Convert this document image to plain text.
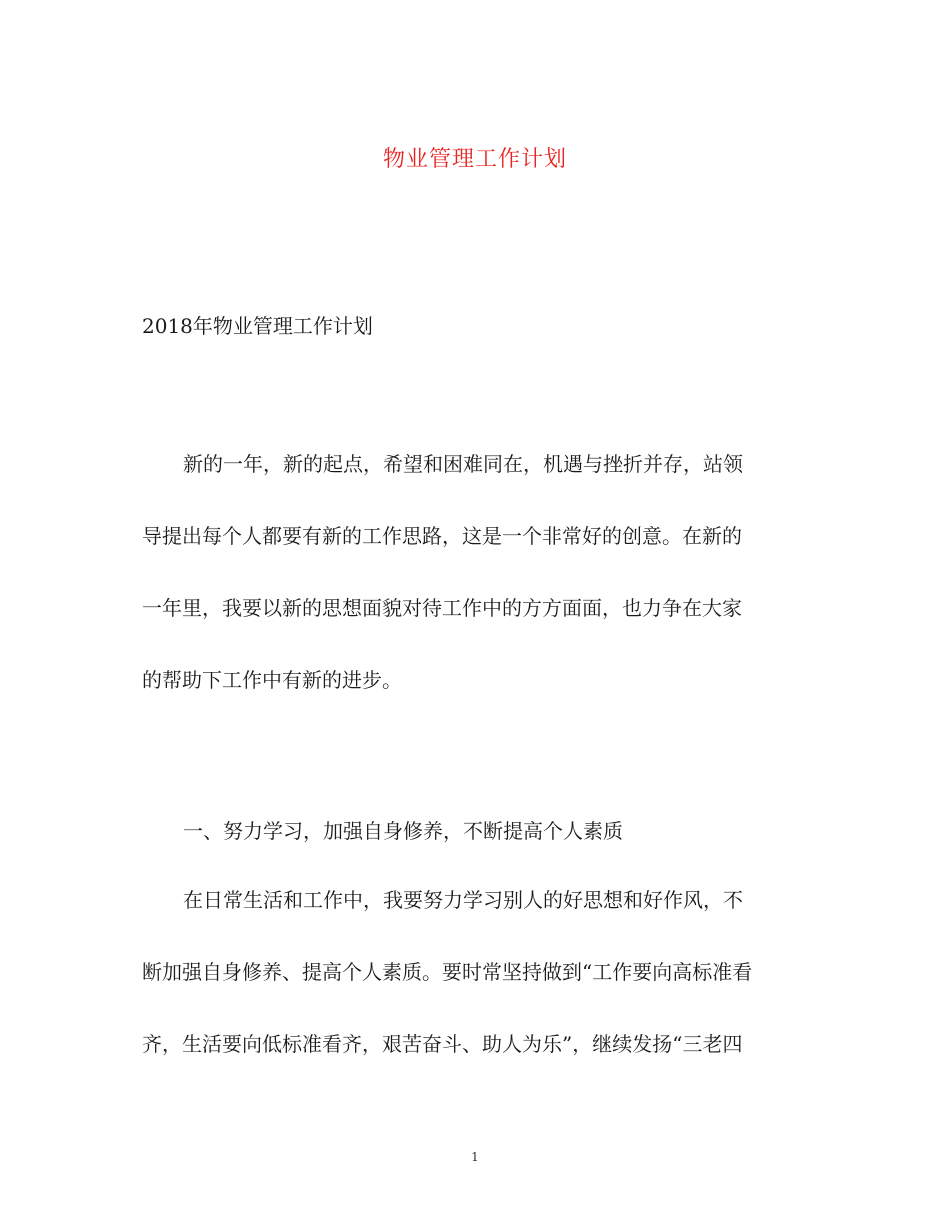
物业管理工作计划
2018年物业管理工作计划
新的一年，新的起点，希望和困难同在，机遇与挫折并存，站领
导提出每个人都要有新的工作思路，这是一个非常好的创意。在新的
一年里，我要以新的思想面貌对待工作中的方方面面，也力争在大家
的帮助下工作中有新的进步。
一、努力学习，加强自身修养，不断提高个人素质
在日常生活和工作中，我要努力学习别人的好思想和好作风，不
断加强自身修养、提高个人素质。要时常坚持做到“工作要向高标准看
齐，生活要向低标准看齐，艰苦奋斗、助人为乐”，继续发扬“三老四
1
